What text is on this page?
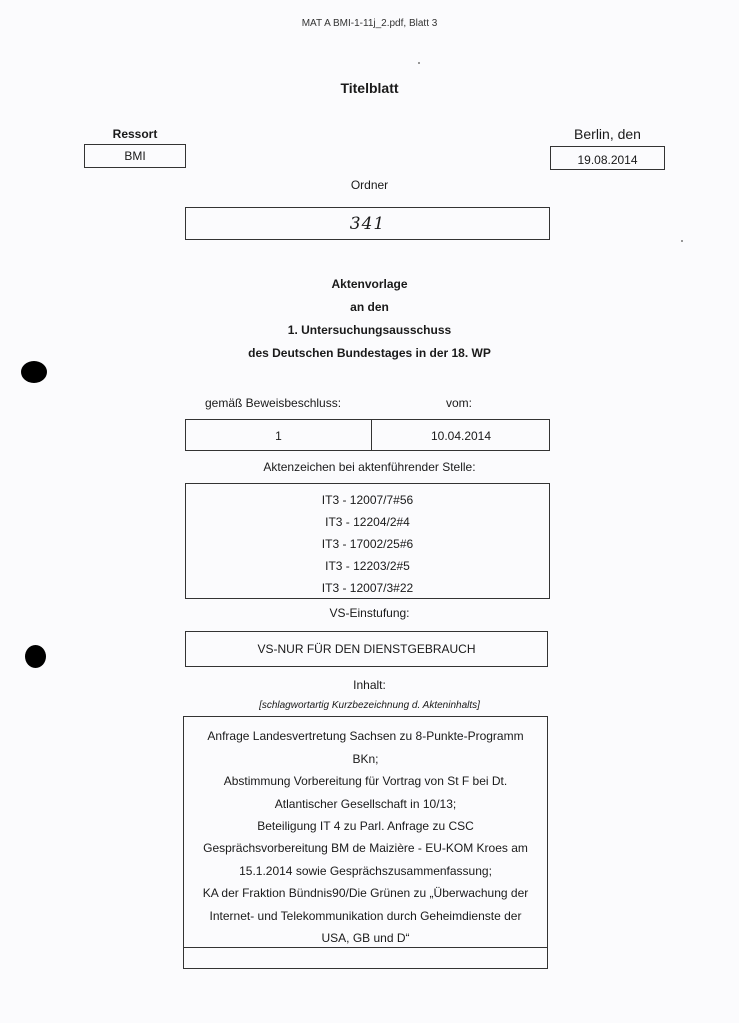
MAT A BMI-1-11j_2.pdf, Blatt 3
Titelblatt
Ressort
BMI
Berlin, den
19.08.2014
Ordner
341
Aktenvorlage
an den
1. Untersuchungsausschuss
des Deutschen Bundestages in der 18. WP
gemäß Beweisbeschluss:	vom:
1	10.04.2014
Aktenzeichen bei aktenführender Stelle:
IT3 - 12007/7#56
IT3 - 12204/2#4
IT3 - 17002/25#6
IT3 - 12203/2#5
IT3 - 12007/3#22
VS-Einstufung:
VS-NUR FÜR DEN DIENSTGEBRAUCH
Inhalt:
[schlagwortartig Kurzbezeichnung d. Akteninhalts]
Anfrage Landesvertretung Sachsen zu 8-Punkte-Programm
BKn;
Abstimmung Vorbereitung für Vortrag von St F bei Dt.
Atlantischer Gesellschaft in 10/13;
Beteiligung IT 4 zu Parl. Anfrage zu CSC
Gesprächsvorbereitung BM de Maizière - EU-KOM Kroes am
15.1.2014 sowie Gesprächszusammenfassung;
KA der Fraktion Bündnis90/Die Grünen zu „Überwachung der
Internet- und Telekommunikation durch Geheimdienste der
USA, GB und D“
